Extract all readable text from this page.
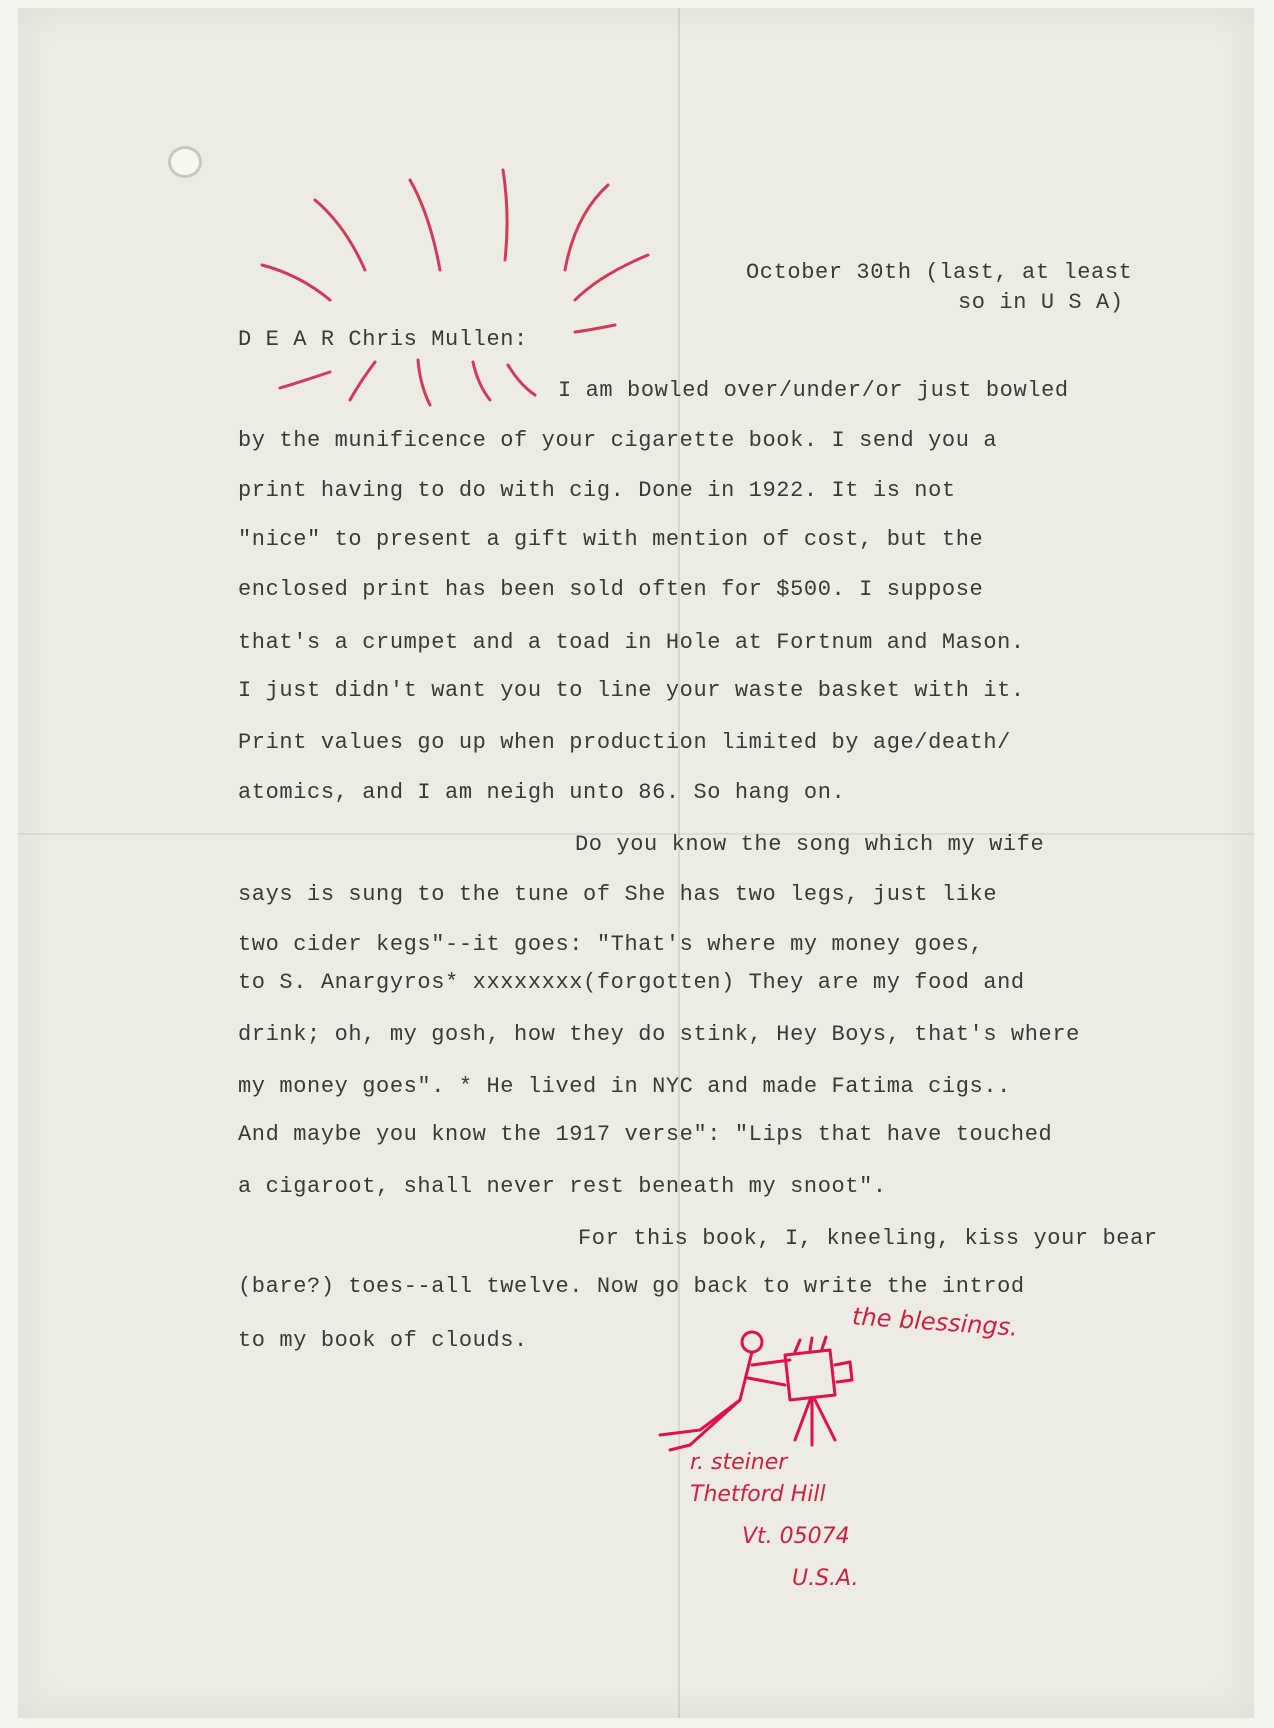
October 30th (last, at least
so in U S A)
D E A R Chris Mullen:
I am bowled over/under/or just bowled
by the munificence of your cigarette book. I send you a
print having to do with cig. Done in 1922. It is not
"nice" to present a gift with mention of cost, but the
enclosed print has been sold often for $500. I suppose
that's a crumpet and a toad in Hole at Fortnum and Mason.
I just didn't want you to line your waste basket with it.
Print values go up when production limited by age/death/
atomics, and I am neigh unto 86. So hang on.
Do you know the song which my wife
says is sung to the tune of She has two legs, just like
two cider kegs"--it goes: "That's where my money goes,
to S. Anargyros* xxxxxxxx(forgotten) They are my food and
drink; oh, my gosh, how they do stink, Hey Boys, that's where
my money goes". * He lived in NYC and made Fatima cigs..
And maybe you know the 1917 verse": "Lips that have touched
a cigaroot, shall never rest beneath my snoot".
For this book, I, kneeling, kiss your bear
(bare?) toes--all twelve. Now go back to write the introd
to my book of clouds.	the blessings.
r. steiner
Thetford Hill
Vt. 05074
U.S.A.
